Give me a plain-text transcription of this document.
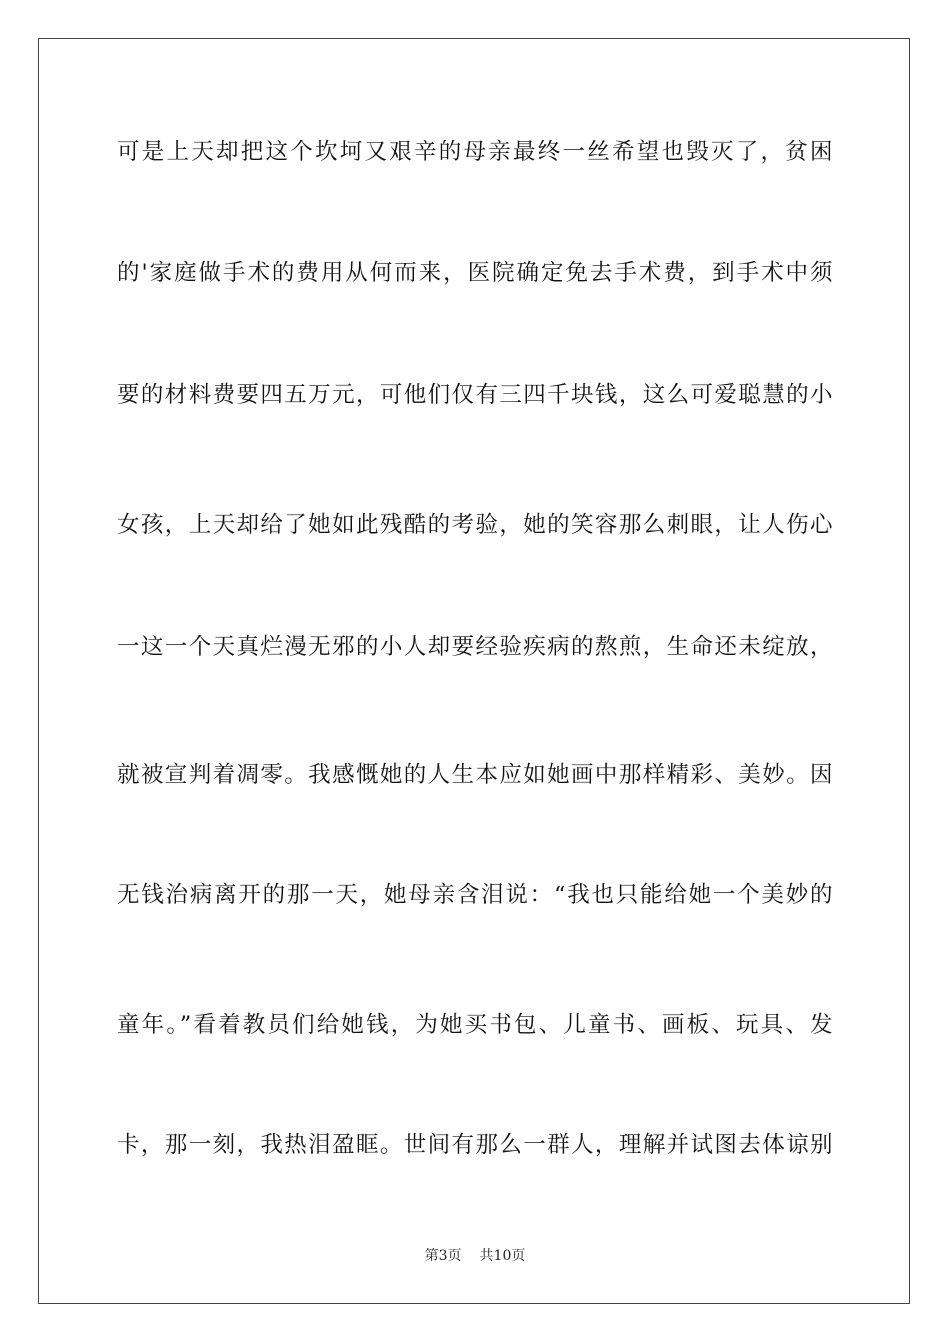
可是上天却把这个坎坷又艰辛的母亲最终一丝希望也毁灭了，贫困
的'家庭做手术的费用从何而来，医院确定免去手术费，到手术中须
要的材料费要四五万元，可他们仅有三四千块钱，这么可爱聪慧的小
女孩，上天却给了她如此残酷的考验，她的笑容那么刺眼，让人伤心
一这一个天真烂漫无邪的小人却要经验疾病的熬煎，生命还未绽放，
就被宣判着凋零。我感慨她的人生本应如她画中那样精彩、美妙。因
无钱治病离开的那一天，她母亲含泪说：“我也只能给她一个美妙的
童年。”看着教员们给她钱，为她买书包、儿童书、画板、玩具、发
卡，那一刻，我热泪盈眶。世间有那么一群人，理解并试图去体谅别
第3页 共10页
